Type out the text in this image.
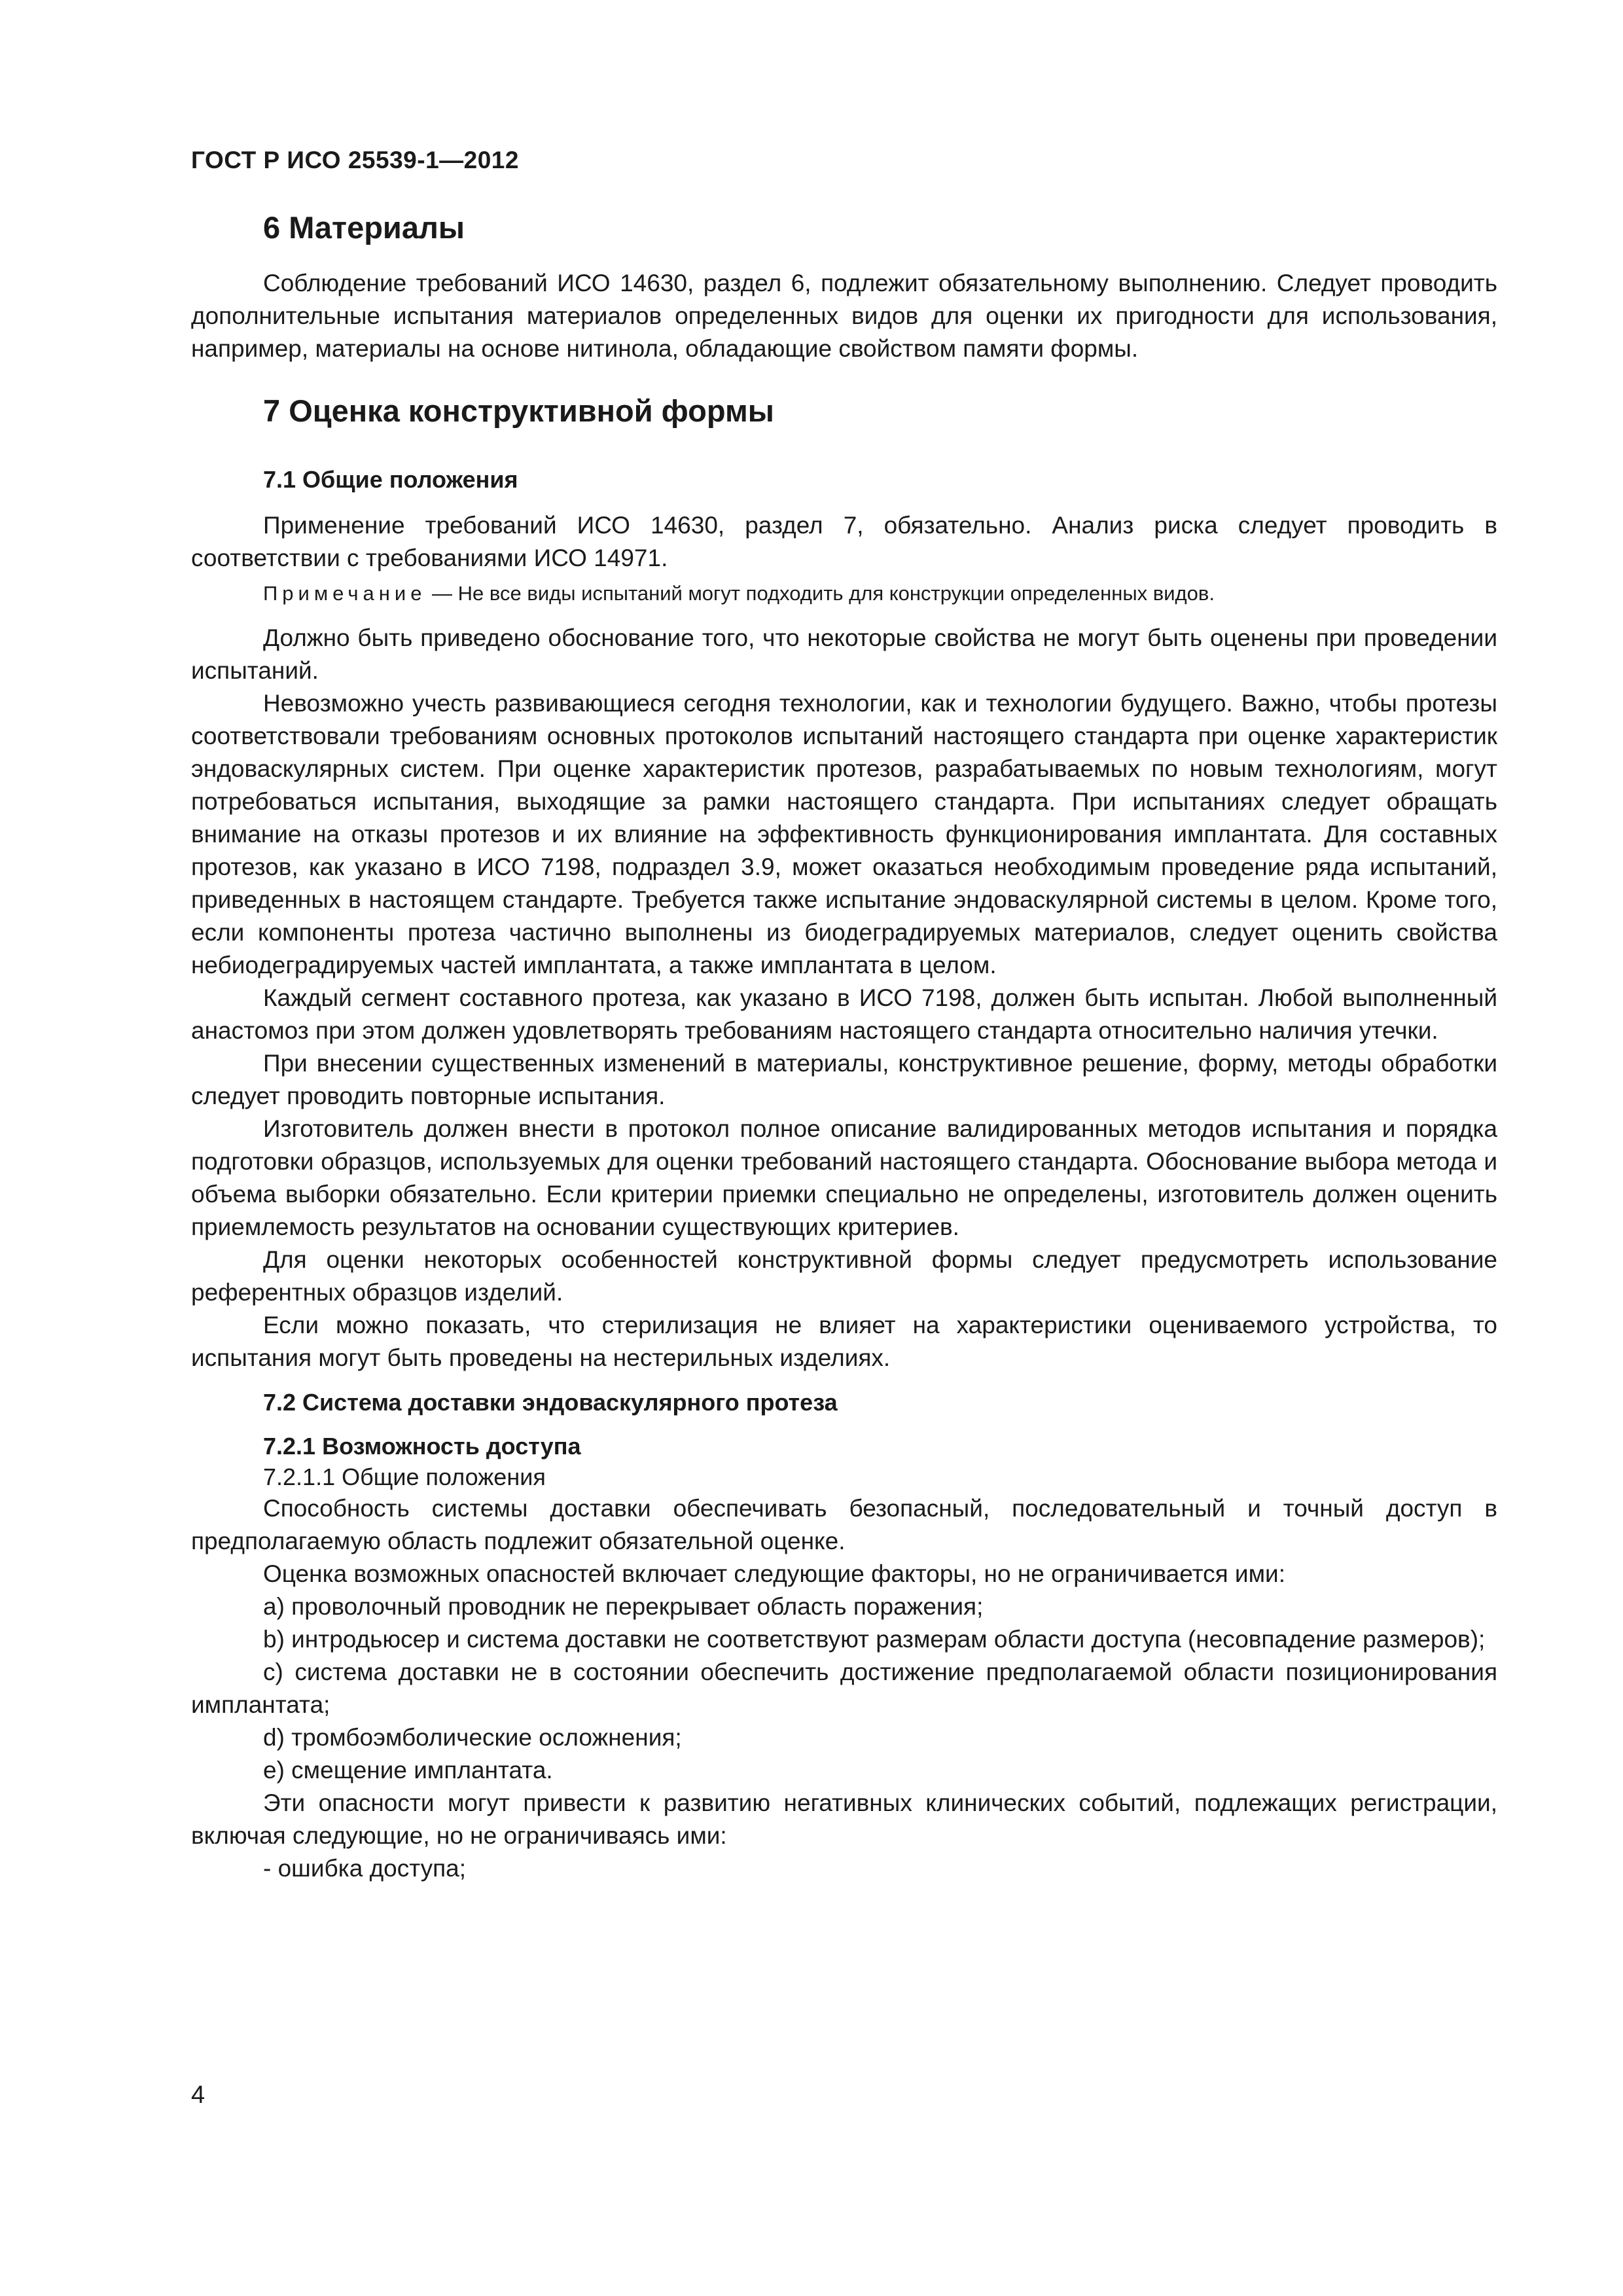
ГОСТ Р ИСО 25539-1—2012
6 Материалы

Соблюдение требований ИСО 14630, раздел 6, подлежит обязательному выполнению. Следует проводить дополнительные испытания материалов определенных видов для оценки их пригодности для использования, например, материалы на основе нитинола, обладающие свойством памяти формы.

7 Оценка конструктивной формы
7.1 Общие положения

Применение требований ИСО 14630, раздел 7, обязательно. Анализ риска следует проводить в соответствии с требованиями ИСО 14971.

Примечание — Не все виды испытаний могут подходить для конструкции определенных видов.

Должно быть приведено обоснование того, что некоторые свойства не могут быть оценены при проведении испытаний.

Невозможно учесть развивающиеся сегодня технологии, как и технологии будущего. Важно, чтобы протезы соответствовали требованиям основных протоколов испытаний настоящего стандарта при оценке характеристик эндоваскулярных систем. При оценке характеристик протезов, разрабатываемых по новым технологиям, могут потребоваться испытания, выходящие за рамки настоящего стандарта. При испытаниях следует обращать внимание на отказы протезов и их влияние на эффективность функционирования имплантата. Для составных протезов, как указано в ИСО 7198, подраздел 3.9, может оказаться необходимым проведение ряда испытаний, приведенных в настоящем стандарте. Требуется также испытание эндоваскулярной системы в целом. Кроме того, если компоненты протеза частично выполнены из биодеградируемых материалов, следует оценить свойства небиодеградируемых частей имплантата, а также имплантата в целом.

Каждый сегмент составного протеза, как указано в ИСО 7198, должен быть испытан. Любой выполненный анастомоз при этом должен удовлетворять требованиям настоящего стандарта относительно наличия утечки.

При внесении существенных изменений в материалы, конструктивное решение, форму, методы обработки следует проводить повторные испытания.

Изготовитель должен внести в протокол полное описание валидированных методов испытания и порядка подготовки образцов, используемых для оценки требований настоящего стандарта. Обоснование выбора метода и объема выборки обязательно. Если критерии приемки специально не определены, изготовитель должен оценить приемлемость результатов на основании существующих критериев.

Для оценки некоторых особенностей конструктивной формы следует предусмотреть использование референтных образцов изделий.

Если можно показать, что стерилизация не влияет на характеристики оцениваемого устройства, то испытания могут быть проведены на нестерильных изделиях.

7.2 Система доставки эндоваскулярного протеза
7.2.1 Возможность доступа
7.2.1.1 Общие положения

Способность системы доставки обеспечивать безопасный, последовательный и точный доступ в предполагаемую область подлежит обязательной оценке.

Оценка возможных опасностей включает следующие факторы, но не ограничивается ими:

a) проволочный проводник не перекрывает область поражения;

b) интродьюсер и система доставки не соответствуют размерам области доступа (несовпадение размеров);

c) система доставки не в состоянии обеспечить достижение предполагаемой области позиционирования имплантата;

d) тромбоэмболические осложнения;

e) смещение имплантата.

Эти опасности могут привести к развитию негативных клинических событий, подлежащих регистрации, включая следующие, но не ограничиваясь ими:

- ошибка доступа;

4
